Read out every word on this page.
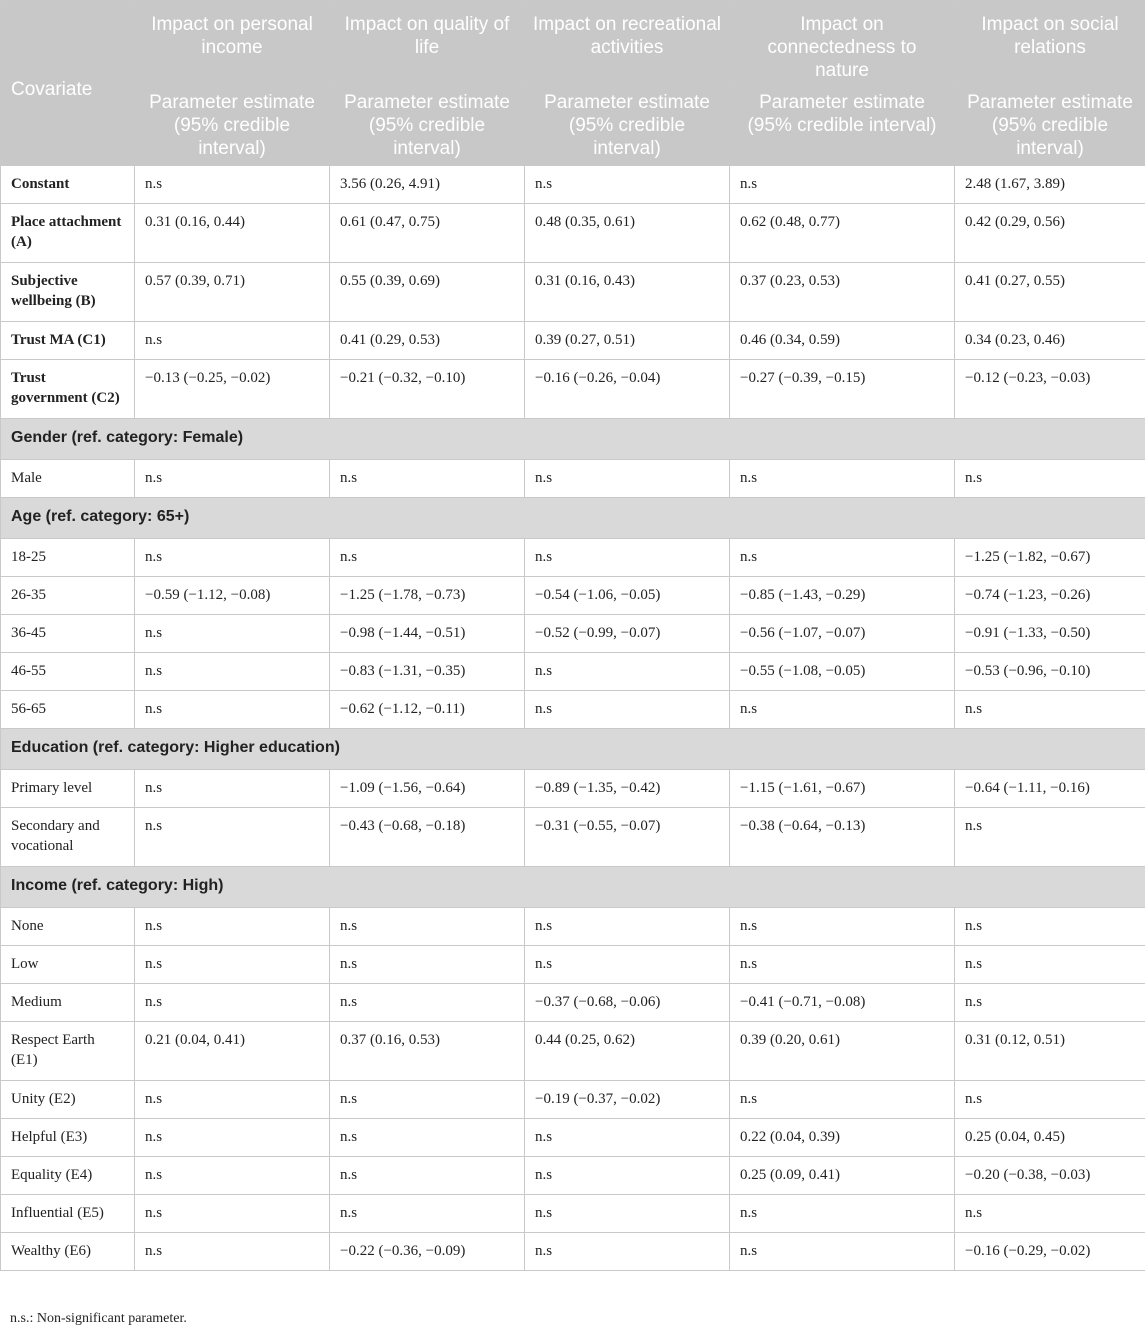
Covariate	Impact on personal income	Impact on quality of life	Impact on recreational activities	Impact on connectedness to nature	Impact on social relations
	Parameter estimate (95% credible interval)	Parameter estimate (95% credible interval)	Parameter estimate (95% credible interval)	Parameter estimate (95% credible interval)	Parameter estimate (95% credible interval)
Constant	n.s	3.56 (0.26, 4.91)	n.s	n.s	2.48 (1.67, 3.89)
Place attachment (A)	0.31 (0.16, 0.44)	0.61 (0.47, 0.75)	0.48 (0.35, 0.61)	0.62 (0.48, 0.77)	0.42 (0.29, 0.56)
Subjective wellbeing (B)	0.57 (0.39, 0.71)	0.55 (0.39, 0.69)	0.31 (0.16, 0.43)	0.37 (0.23, 0.53)	0.41 (0.27, 0.55)
Trust MA (C1)	n.s	0.41 (0.29, 0.53)	0.39 (0.27, 0.51)	0.46 (0.34, 0.59)	0.34 (0.23, 0.46)
Trust government (C2)	−0.13 (−0.25, −0.02)	−0.21 (−0.32, −0.10)	−0.16 (−0.26, −0.04)	−0.27 (−0.39, −0.15)	−0.12 (−0.23, −0.03)
Gender (ref. category: Female)					
Male	n.s	n.s	n.s	n.s	n.s
Age (ref. category: 65+)					
18-25	n.s	n.s	n.s	n.s	−1.25 (−1.82, −0.67)
26-35	−0.59 (−1.12, −0.08)	−1.25 (−1.78, −0.73)	−0.54 (−1.06, −0.05)	−0.85 (−1.43, −0.29)	−0.74 (−1.23, −0.26)
36-45	n.s	−0.98 (−1.44, −0.51)	−0.52 (−0.99, −0.07)	−0.56 (−1.07, −0.07)	−0.91 (−1.33, −0.50)
46-55	n.s	−0.83 (−1.31, −0.35)	n.s	−0.55 (−1.08, −0.05)	−0.53 (−0.96, −0.10)
56-65	n.s	−0.62 (−1.12, −0.11)	n.s	n.s	n.s
Education (ref. category: Higher education)					
Primary level	n.s	−1.09 (−1.56, −0.64)	−0.89 (−1.35, −0.42)	−1.15 (−1.61, −0.67)	−0.64 (−1.11, −0.16)
Secondary and vocational	n.s	−0.43 (−0.68, −0.18)	−0.31 (−0.55, −0.07)	−0.38 (−0.64, −0.13)	n.s
Income (ref. category: High)					
None	n.s	n.s	n.s	n.s	n.s
Low	n.s	n.s	n.s	n.s	n.s
Medium	n.s	n.s	−0.37 (−0.68, −0.06)	−0.41 (−0.71, −0.08)	n.s
Respect Earth (E1)	0.21 (0.04, 0.41)	0.37 (0.16, 0.53)	0.44 (0.25, 0.62)	0.39 (0.20, 0.61)	0.31 (0.12, 0.51)
Unity (E2)	n.s	n.s	−0.19 (−0.37, −0.02)	n.s	n.s
Helpful (E3)	n.s	n.s	n.s	0.22 (0.04, 0.39)	0.25 (0.04, 0.45)
Equality (E4)	n.s	n.s	n.s	0.25 (0.09, 0.41)	−0.20 (−0.38, −0.03)
Influential (E5)	n.s	n.s	n.s	n.s	n.s
Wealthy (E6)	n.s	−0.22 (−0.36, −0.09)	n.s	n.s	−0.16 (−0.29, −0.02)
n.s.: Non-significant parameter.
